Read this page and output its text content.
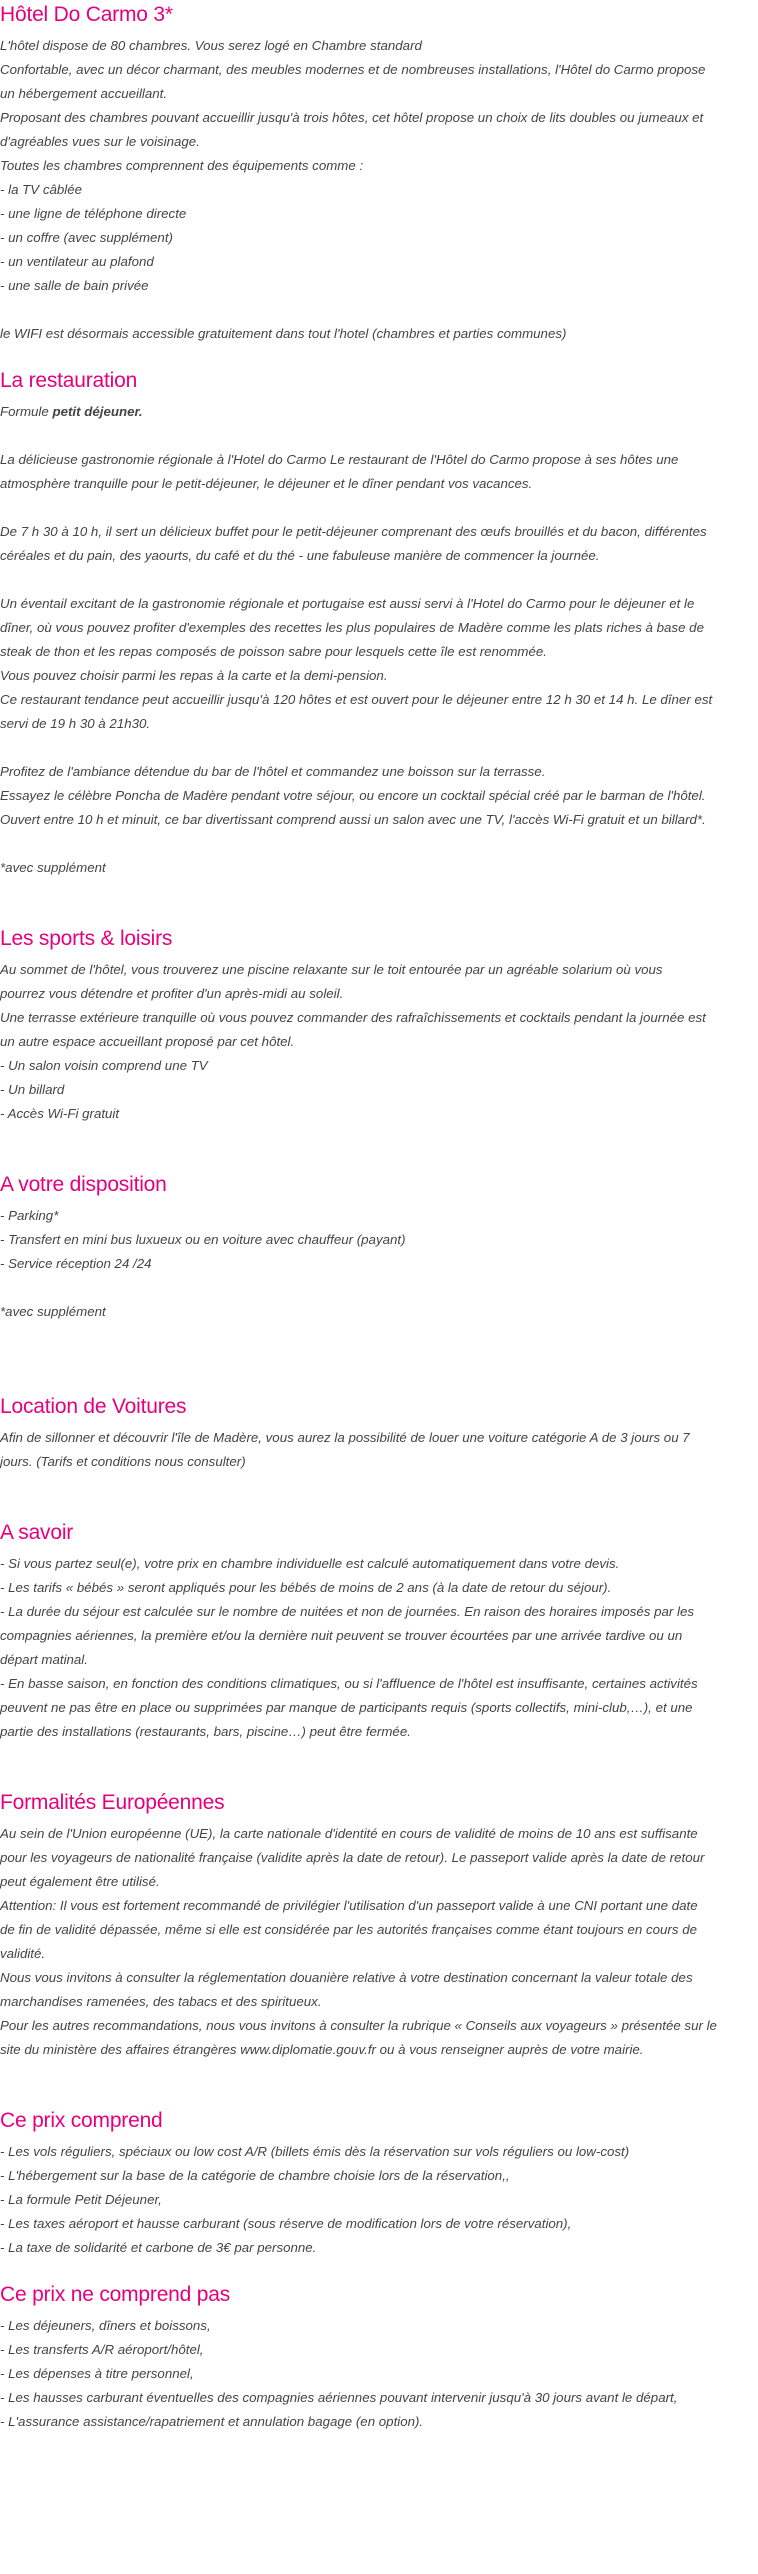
Hôtel Do Carmo 3*
L'hôtel dispose de 80 chambres. Vous serez logé en Chambre standard
Confortable, avec un décor charmant, des meubles modernes et de nombreuses installations, l'Hôtel do Carmo propose
un hébergement accueillant.
Proposant des chambres pouvant accueillir jusqu'à trois hôtes, cet hôtel propose un choix de lits doubles ou jumeaux et
d'agréables vues sur le voisinage.
Toutes les chambres comprennent des équipements comme :
- la TV câblée
- une ligne de téléphone directe
- un coffre (avec supplément)
- un ventilateur au plafond
- une salle de bain privée
le WIFI est désormais accessible gratuitement dans tout l'hotel (chambres et parties communes)
La restauration
Formule petit déjeuner.
La délicieuse gastronomie régionale à l'Hotel do Carmo Le restaurant de l'Hôtel do Carmo propose à ses hôtes une
atmosphère tranquille pour le petit-déjeuner, le déjeuner et le dîner pendant vos vacances.
De 7 h 30 à 10 h, il sert un délicieux buffet pour le petit-déjeuner comprenant des œufs brouillés et du bacon, différentes
céréales et du pain, des yaourts, du café et du thé - une fabuleuse manière de commencer la journée.
Un éventail excitant de la gastronomie régionale et portugaise est aussi servi à l'Hotel do Carmo pour le déjeuner et le
dîner, où vous pouvez profiter d'exemples des recettes les plus populaires de Madère comme les plats riches à base de
steak de thon et les repas composés de poisson sabre pour lesquels cette île est renommée.
Vous pouvez choisir parmi les repas à la carte et la demi-pension.
Ce restaurant tendance peut accueillir jusqu'à 120 hôtes et est ouvert pour le déjeuner entre 12 h 30 et 14 h. Le dîner est
servi de 19 h 30 à 21h30.
Profitez de l'ambiance détendue du bar de l'hôtel et commandez une boisson sur la terrasse.
Essayez le célèbre Poncha de Madère pendant votre séjour, ou encore un cocktail spécial créé par le barman de l'hôtel.
Ouvert entre 10 h et minuit, ce bar divertissant comprend aussi un salon avec une TV, l'accès Wi-Fi gratuit et un billard*.
*avec supplément
Les sports & loisirs
Au sommet de l'hôtel, vous trouverez une piscine relaxante sur le toit entourée par un agréable solarium où vous
pourrez vous détendre et profiter d'un après-midi au soleil.
Une terrasse extérieure tranquille où vous pouvez commander des rafraîchissements et cocktails pendant la journée est
un autre espace accueillant proposé par cet hôtel.
- Un salon voisin comprend une TV
- Un billard
- Accès Wi-Fi gratuit
A votre disposition
- Parking*
- Transfert en mini bus luxueux ou en voiture avec chauffeur (payant)
- Service réception 24 /24
*avec supplément
Location de Voitures
Afin de sillonner et découvrir l'île de Madère, vous aurez la possibilité de louer une voiture catégorie A de 3 jours ou 7
jours. (Tarifs et conditions nous consulter)
A savoir
- Si vous partez seul(e), votre prix en chambre individuelle est calculé automatiquement dans votre devis.
- Les tarifs « bébés » seront appliqués pour les bébés de moins de 2 ans (à la date de retour du séjour).
- La durée du séjour est calculée sur le nombre de nuitées et non de journées. En raison des horaires imposés par les
compagnies aériennes, la première et/ou la dernière nuit peuvent se trouver écourtées par une arrivée tardive ou un
départ matinal.
- En basse saison, en fonction des conditions climatiques, ou si l'affluence de l'hôtel est insuffisante, certaines activités
peuvent ne pas être en place ou supprimées par manque de participants requis (sports collectifs, mini-club,…), et une
partie des installations (restaurants, bars, piscine…) peut être fermée.
Formalités Européennes
Au sein de l'Union européenne (UE), la carte nationale d'identité en cours de validité de moins de 10 ans est suffisante
pour les voyageurs de nationalité française (validite après la date de retour). Le passeport valide après la date de retour
peut également être utilisé.
Attention: Il vous est fortement recommandé de privilégier l'utilisation d'un passeport valide à une CNI portant une date
de fin de validité dépassée, même si elle est considérée par les autorités françaises comme étant toujours en cours de
validité.
Nous vous invitons à consulter la réglementation douanière relative à votre destination concernant la valeur totale des
marchandises ramenées, des tabacs et des spiritueux.
Pour les autres recommandations, nous vous invitons à consulter la rubrique « Conseils aux voyageurs » présentée sur le
site du ministère des affaires étrangères www.diplomatie.gouv.fr ou à vous renseigner auprès de votre mairie.
Ce prix comprend
- Les vols réguliers, spéciaux ou low cost A/R (billets émis dès la réservation sur vols réguliers ou low-cost)
- L'hébergement sur la base de la catégorie de chambre choisie lors de la réservation,,
- La formule Petit Déjeuner,
- Les taxes aéroport et hausse carburant (sous réserve de modification lors de votre réservation),
- La taxe de solidarité et carbone de 3€ par personne.
Ce prix ne comprend pas
- Les déjeuners, dîners et boissons,
- Les transferts A/R aéroport/hôtel,
- Les dépenses à titre personnel,
- Les hausses carburant éventuelles des compagnies aériennes pouvant intervenir jusqu'à 30 jours avant le départ,
- L'assurance assistance/rapatriement et annulation bagage (en option).
